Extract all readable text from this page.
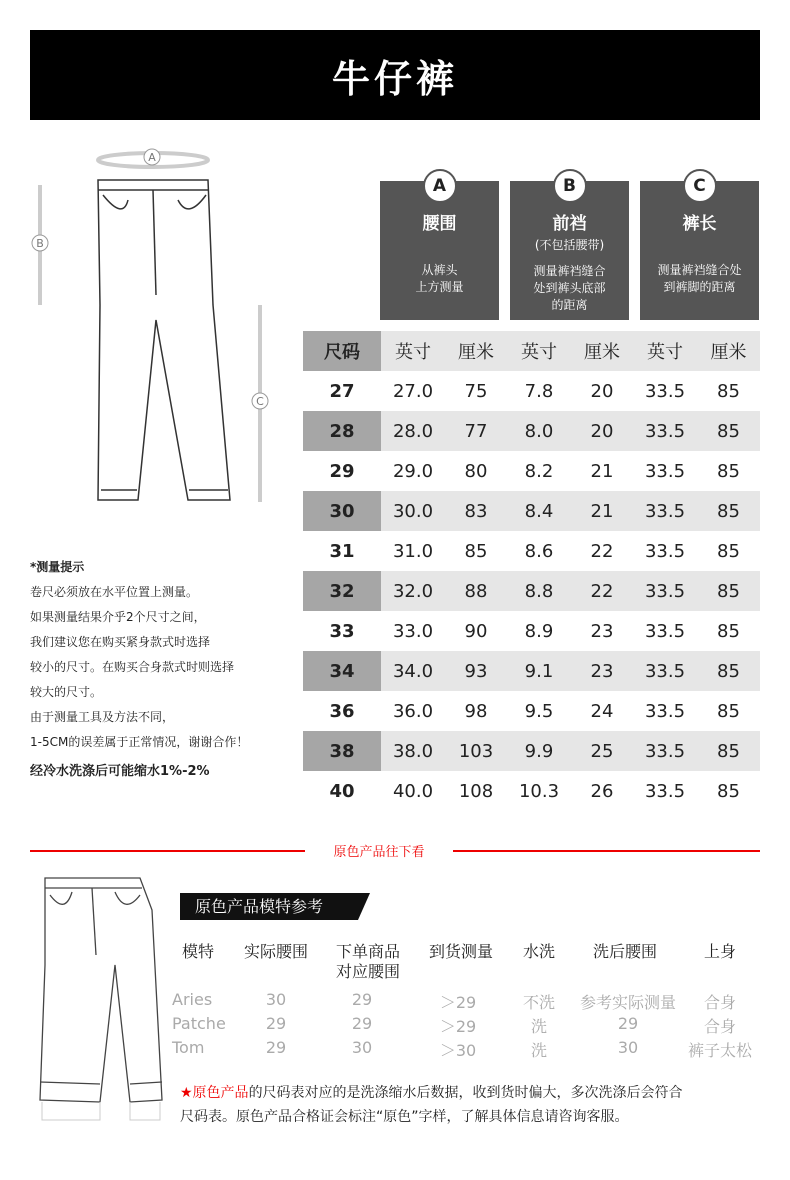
牛仔裤
A
B
C
A
腰围
从裤头
上方测量
B
前裆
(不包括腰带)
测量裤裆缝合
处到裤头底部
的距离
C
裤长
测量裤裆缝合处
到裤脚的距离
尺码	英寸	厘米	英寸	厘米	英寸	厘米
27	27.0	75	7.8	20	33.5	85
28	28.0	77	8.0	20	33.5	85
29	29.0	80	8.2	21	33.5	85
30	30.0	83	8.4	21	33.5	85
31	31.0	85	8.6	22	33.5	85
32	32.0	88	8.8	22	33.5	85
33	33.0	90	8.9	23	33.5	85
34	34.0	93	9.1	23	33.5	85
36	36.0	98	9.5	24	33.5	85
38	38.0	103	9.9	25	33.5	85
40	40.0	108	10.3	26	33.5	85
*测量提示
卷尺必须放在水平位置上测量。
如果测量结果介乎2个尺寸之间，
我们建议您在购买紧身款式时选择
较小的尺寸。在购买合身款式时则选择
较大的尺寸。
由于测量工具及方法不同，
1-5CM的误差属于正常情况，谢谢合作！
经冷水洗涤后可能缩水1%-2%
原色产品往下看
原色产品模特参考
模特	实际腰围	下单商品
对应腰围
到货测量	水洗	洗后腰围	上身
Aries	30	29	＞29	不洗	参考实际测量	合身
Patche	29	29	＞29	洗	29	合身
Tom	29	30	＞30	洗	30	裤子太松
★原色产品的尺码表对应的是洗涤缩水后数据，收到货时偏大，多次洗涤后会符合
尺码表。原色产品合格证会标注“原色”字样，了解具体信息请咨询客服。
